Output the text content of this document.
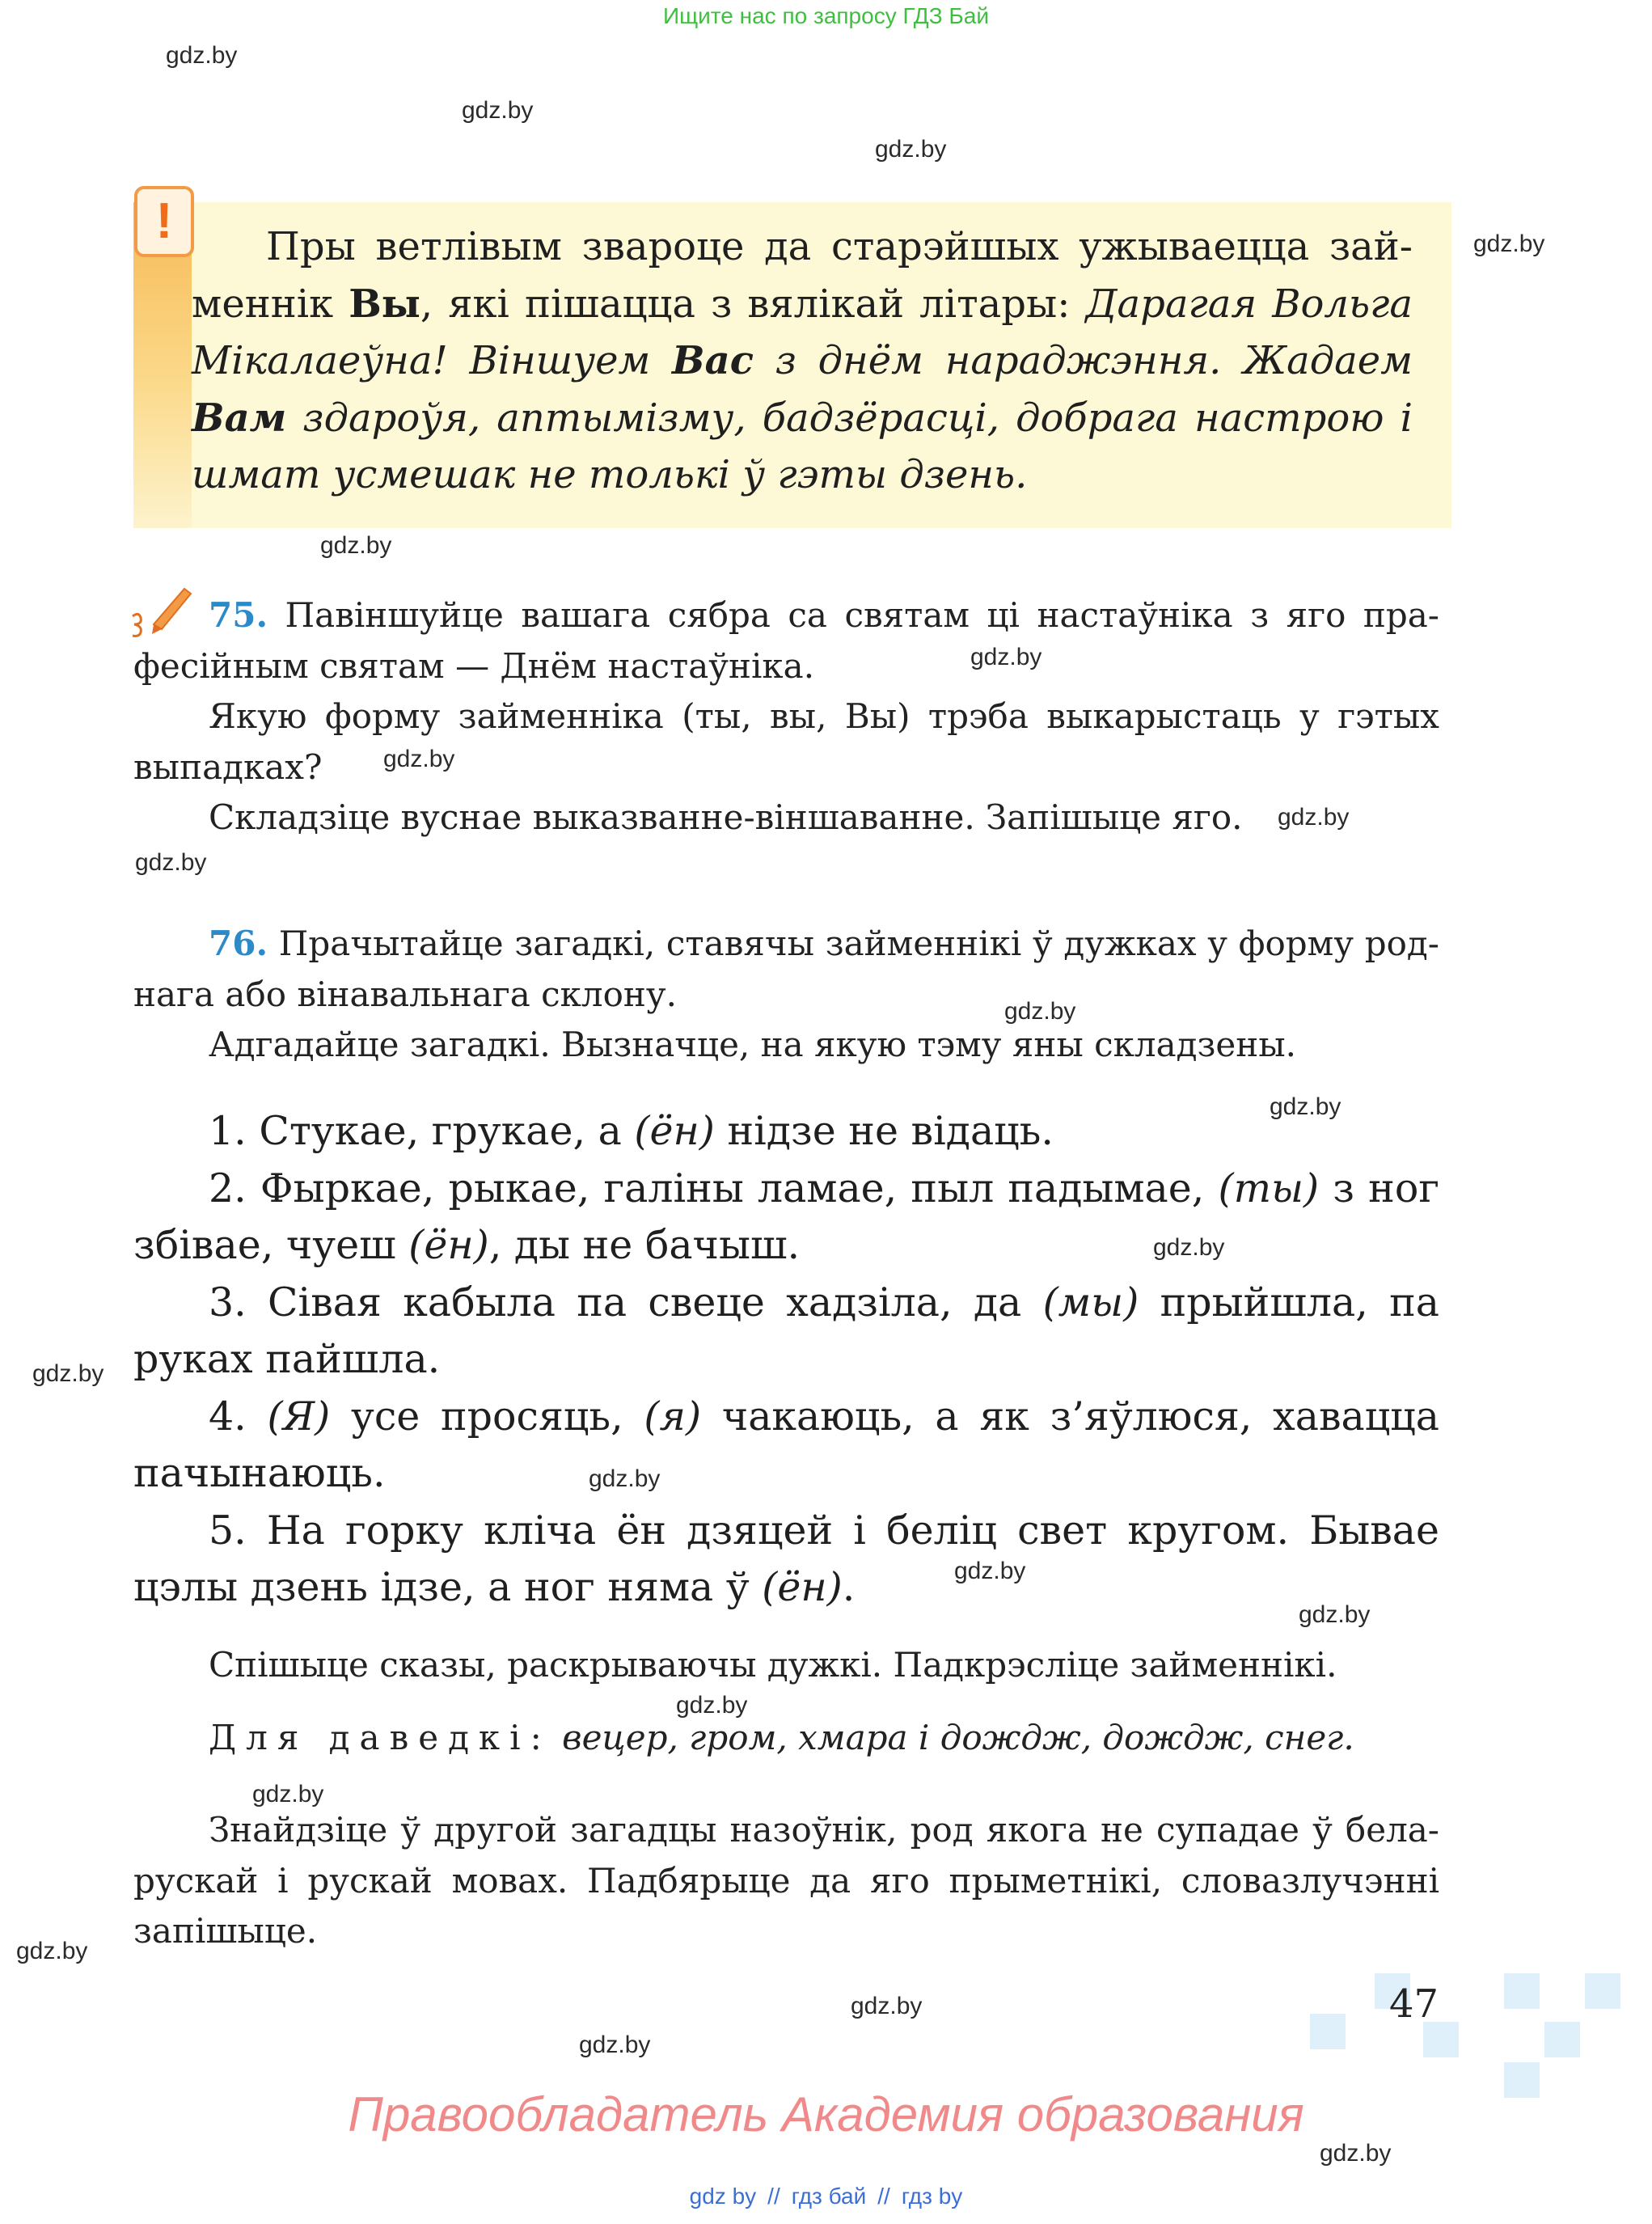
Ищите нас по запросу ГДЗ Бай
gdz.by
gdz.by
gdz.by
gdz.by
gdz.by
gdz.by
gdz.by
gdz.by
gdz.by
gdz.by
gdz.by
gdz.by
gdz.by
gdz.by
gdz.by
gdz.by
gdz.by
gdz.by
gdz.by
gdz.by
gdz.by
gdz.by
!	Пры ветлівым звароце да старэйшых ужываецца займеннік Вы, які пішацца з вялікай літары: Дарагая Вольга Мікалаеўна! Віншуем Вас з днём нараджэння. Жадаем Вам здароўя, аптымізму, бадзёрасці, добрага настрою і шмат усмешак не толькі ў гэты дзень.
75. Павіншуйце вашага сябра са святам ці настаўніка з яго прафесійным святам — Днём настаўніка.
Якую форму займенніка (ты, вы, Вы) трэба выкарыстаць у гэтых выпадках?
Складзіце вуснае выказванне-віншаванне. Запішыце яго.
76. Прачытайце загадкі, ставячы займеннікі ў дужках у форму роднага або вінавальнага склону.
Адгадайце загадкі. Вызначце, на якую тэму яны складзены.

1. Стукае, грукае, а (ён) нідзе не відаць.

2. Фыркае, рыкае, галіны ламае, пыл падымае, (ты) з ног збівае, чуеш (ён), ды не бачыш.

3. Сівая кабыла па свеце хадзіла, да (мы) прыйшла, па руках пайшла.

4. (Я) усе просяць, (я) чакаюць, а як з’яўлюся, хавацца пачынаюць.

5. На горку кліча ён дзяцей і беліц свет кругом. Бывае цэлы дзень ідзе, а ног няма ў (ён).

Спішыце сказы, раскрываючы дужкі. Падкрэсліце займеннікі.
Для даведкі: вецер, гром, хмара і дождж, дождж, снег.
Знайдзіце ў другой загадцы назоўнік, род якога не супадае ў беларускай і рускай мовах. Падбярыце да яго прыметнікі, словазлучэнні запішыце.
47
Правообладатель Академия образования
gdz by // гдз бай // гдз by
